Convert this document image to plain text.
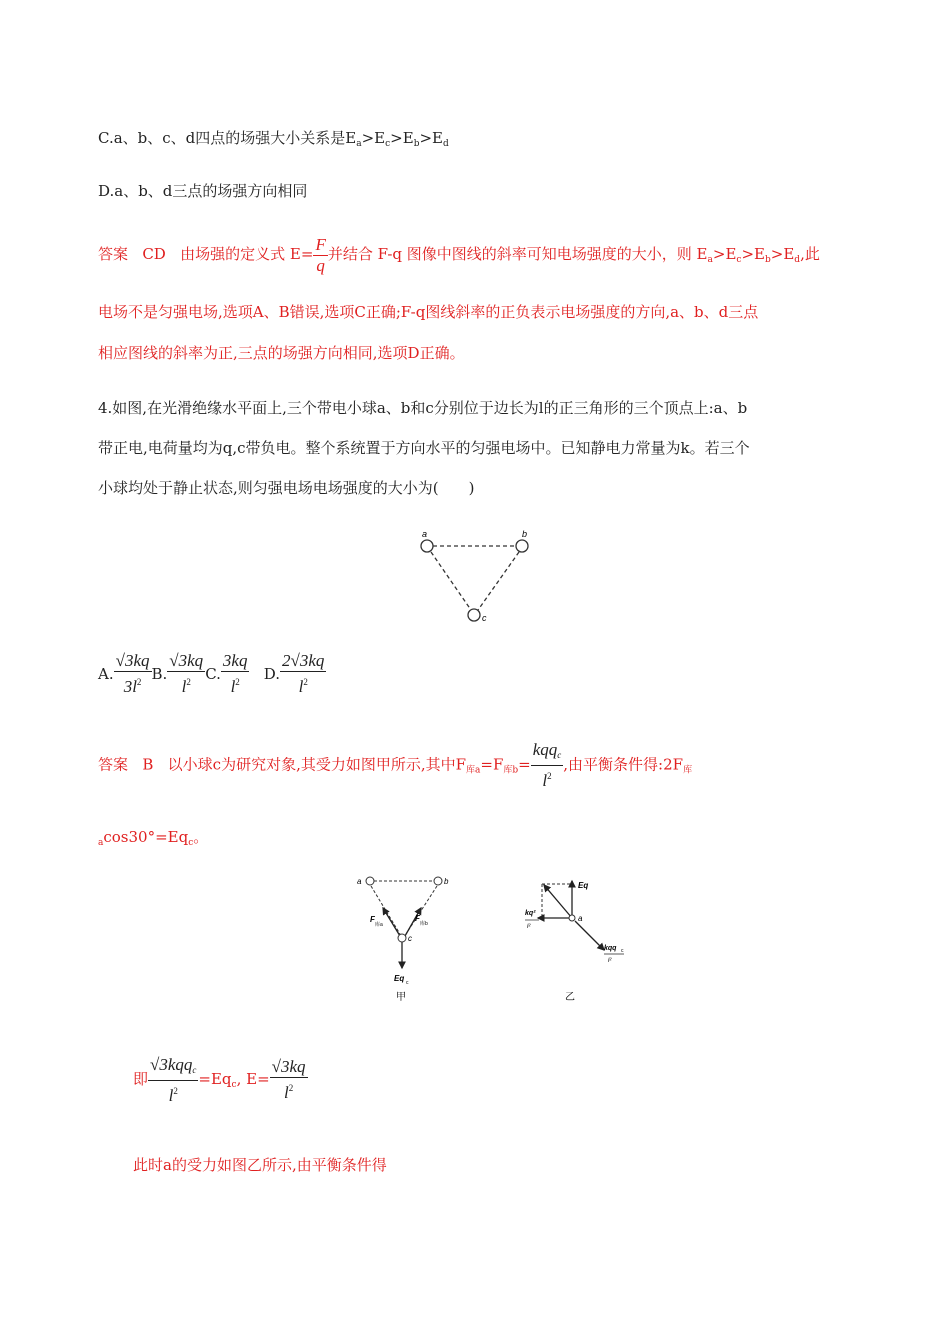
C.a、b、c、d四点的场强大小关系是$E_a>E_c>E_b>E_d$
D.a、b、d三点的场强方向相同
答案 CD 由场强的定义式 $E= \frac{F}{q}$ 并结合 F-q 图像中图线的斜率可知电场强度的大小，则 $E_a>E_c>E_b>E_d$,此
电场不是匀强电场,选项A、B错误,选项C正确;F-q图线斜率的正负表示电场强度的方向,a、b、d三点
相应图线的斜率为正,三点的场强方向相同,选项D正确。
4.如图,在光滑绝缘水平面上,三个带电小球a、b和c分别位于边长为l的正三角形的三个顶点上:a、b
带正电,电荷量均为q,c带负电。整个系统置于方向水平的匀强电场中。已知静电力常量为k。若三个
小球均处于静止状态,则匀强电场电场强度的大小为(　　)
a	b
c
A. $\frac{√3kq}{3l^2} B$. $\frac{√3kq}{l^2} C$. $\frac{3kq}{l^2} D$. $\frac{2√3kq}{l^2}$
答案 B 以小球c为研究对象,其受力如图甲所示,其中$F_{库a}=F_{库b}= \frac{kqq_c}{l^2}$ ,由平衡条件得$:2F_库$
$_a\cos 30^\circ=Eq_c$。
a	b
c
F
库a
F
库b
Eq c
甲
Eq
a
kq²
l²
kqq c
l²
乙
即 $\frac{√3kqq_c}{l^2} =Eq_c$, $E= \frac{√3kq}{l^2}$
此时a的受力如图乙所示,由平衡条件得
